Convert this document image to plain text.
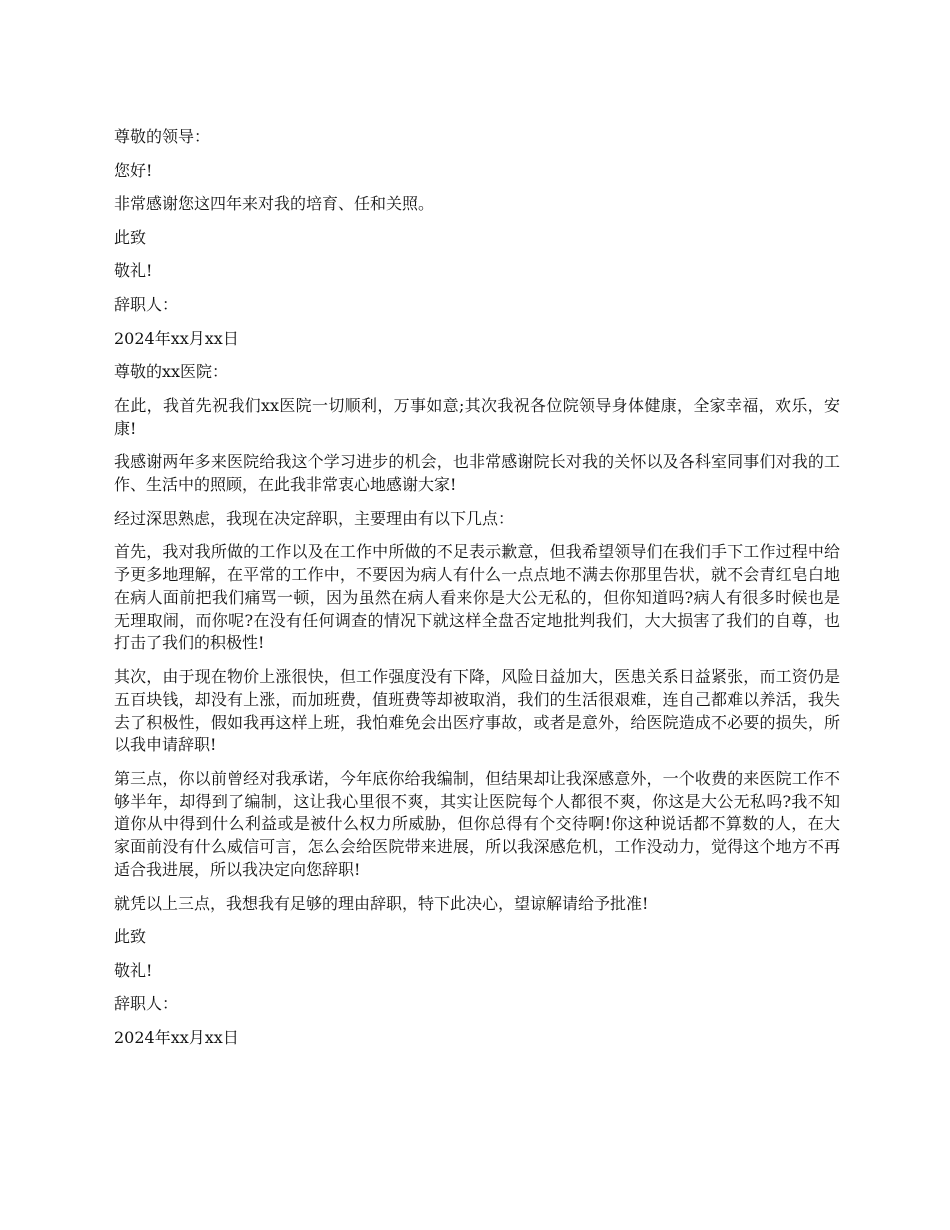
尊敬的领导：

您好!

非常感谢您这四年来对我的培育、任和关照。

此致

敬礼!

辞职人：

2024年xx月xx日

尊敬的xx医院：

在此，我首先祝我们xx医院一切顺利，万事如意;其次我祝各位院领导身体健康，全家幸福，欢乐，安康!

我感谢两年多来医院给我这个学习进步的机会，也非常感谢院长对我的关怀以及各科室同事们对我的工作、生活中的照顾，在此我非常衷心地感谢大家!

经过深思熟虑，我现在决定辞职，主要理由有以下几点：

首先，我对我所做的工作以及在工作中所做的不足表示歉意，但我希望领导们在我们手下工作过程中给予更多地理解，在平常的工作中，不要因为病人有什么一点点地不满去你那里告状，就不会青红皂白地在病人面前把我们痛骂一顿，因为虽然在病人看来你是大公无私的，但你知道吗?病人有很多时候也是无理取闹，而你呢?在没有任何调查的情况下就这样全盘否定地批判我们，大大损害了我们的自尊，也打击了我们的积极性!

其次，由于现在物价上涨很快，但工作强度没有下降，风险日益加大，医患关系日益紧张，而工资仍是五百块钱，却没有上涨，而加班费，值班费等却被取消，我们的生活很艰难，连自己都难以养活，我失去了积极性，假如我再这样上班，我怕难免会出医疗事故，或者是意外，给医院造成不必要的损失，所以我申请辞职!

第三点，你以前曾经对我承诺，今年底你给我编制，但结果却让我深感意外，一个收费的来医院工作不够半年，却得到了编制，这让我心里很不爽，其实让医院每个人都很不爽，你这是大公无私吗?我不知道你从中得到什么利益或是被什么权力所威胁，但你总得有个交待啊!你这种说话都不算数的人，在大家面前没有什么威信可言，怎么会给医院带来进展，所以我深感危机，工作没动力，觉得这个地方不再适合我进展，所以我决定向您辞职!

就凭以上三点，我想我有足够的理由辞职，特下此决心，望谅解请给予批准!

此致

敬礼!

辞职人：

2024年xx月xx日
